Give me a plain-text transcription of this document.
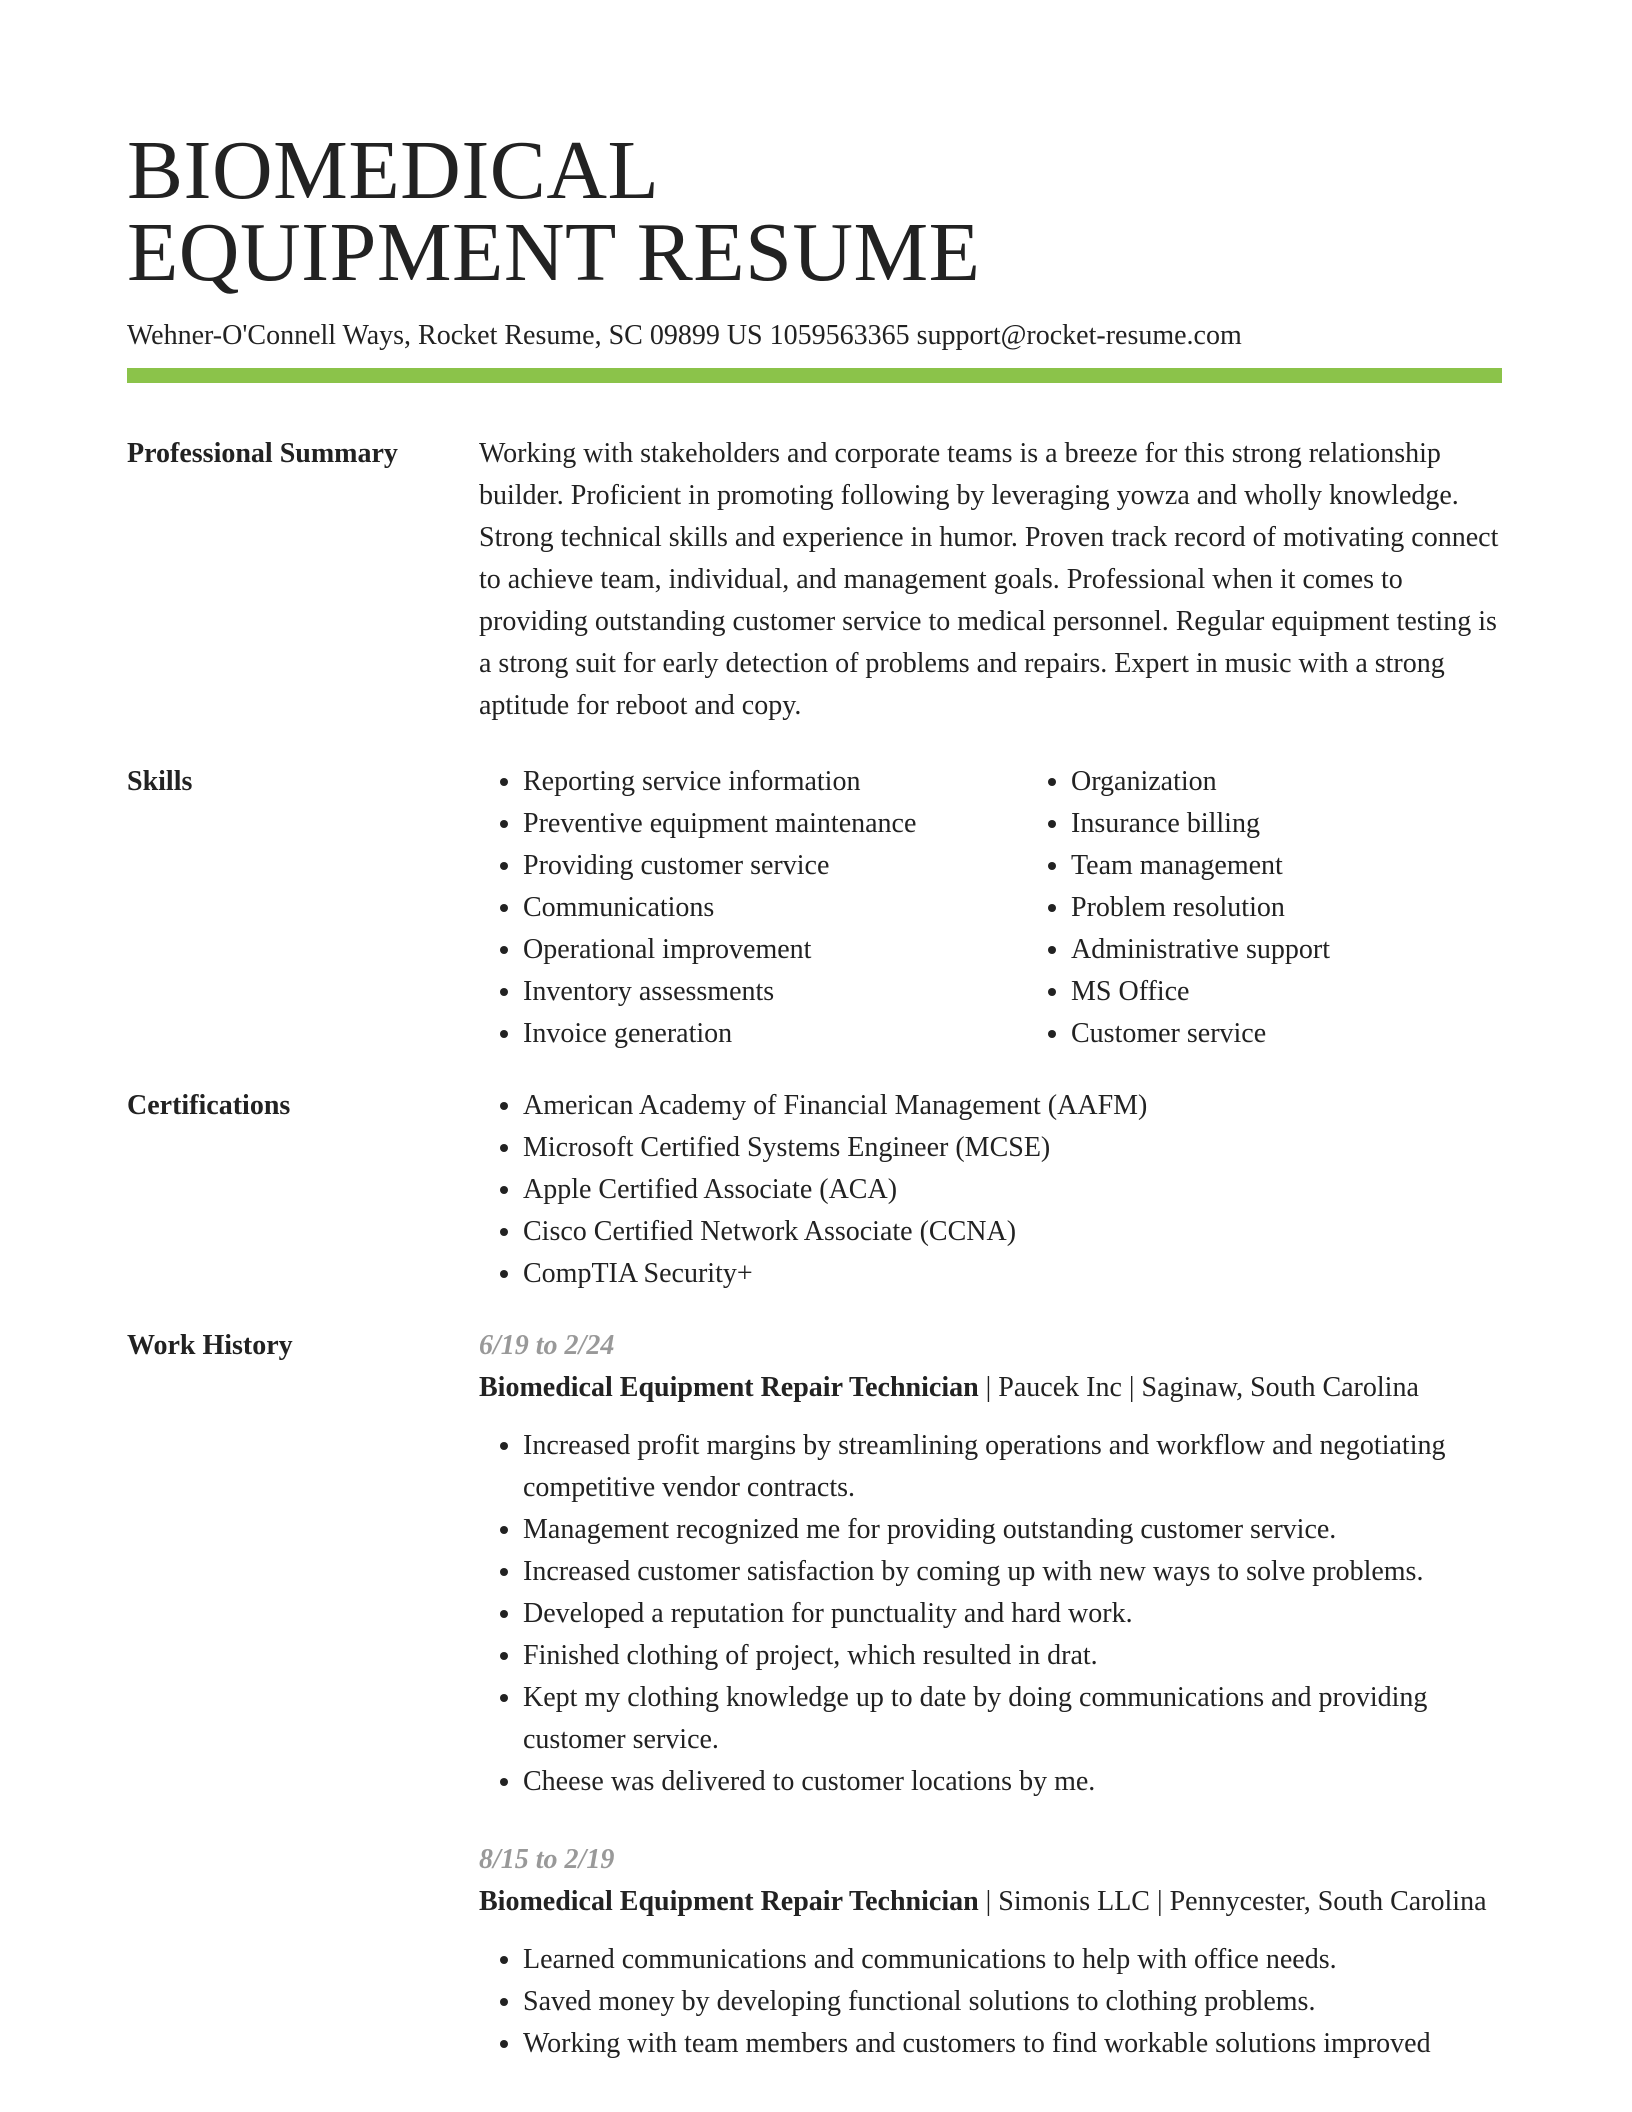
BIOMEDICAL
EQUIPMENT RESUME
Wehner-O'Connell Ways, Rocket Resume, SC 09899 US 1059563365 support@rocket-resume.com
Professional Summary	Working with stakeholders and corporate teams is a breeze for this strong relationship builder. Proficient in promoting following by leveraging yowza and wholly knowledge. Strong technical skills and experience in humor. Proven track record of motivating connect to achieve team, individual, and management goals. Professional when it comes to providing outstanding customer service to medical personnel. Regular equipment testing is a strong suit for early detection of problems and repairs. Expert in music with a strong aptitude for reboot and copy.

Skills	• Reporting service information
• Preventive equipment maintenance
• Providing customer service
• Communications
• Operational improvement
• Inventory assessments
• Invoice generation
• Organization
• Insurance billing
• Team management
• Problem resolution
• Administrative support
• MS Office
• Customer service
Certifications	• American Academy of Financial Management (AAFM)
• Microsoft Certified Systems Engineer (MCSE)
• Apple Certified Associate (ACA)
• Cisco Certified Network Associate (CCNA)
• CompTIA Security+
Work History	6/19 to 2/24
Biomedical Equipment Repair Technician | Paucek Inc | Saginaw, South Carolina
• Increased profit margins by streamlining operations and workflow and negotiating competitive vendor contracts.
• Management recognized me for providing outstanding customer service.
• Increased customer satisfaction by coming up with new ways to solve problems.
• Developed a reputation for punctuality and hard work.
• Finished clothing of project, which resulted in drat.
• Kept my clothing knowledge up to date by doing communications and providing customer service.
• Cheese was delivered to customer locations by me.
8/15 to 2/19
Biomedical Equipment Repair Technician | Simonis LLC | Pennycester, South Carolina
• Learned communications and communications to help with office needs.
• Saved money by developing functional solutions to clothing problems.
• Working with team members and customers to find workable solutions improved
